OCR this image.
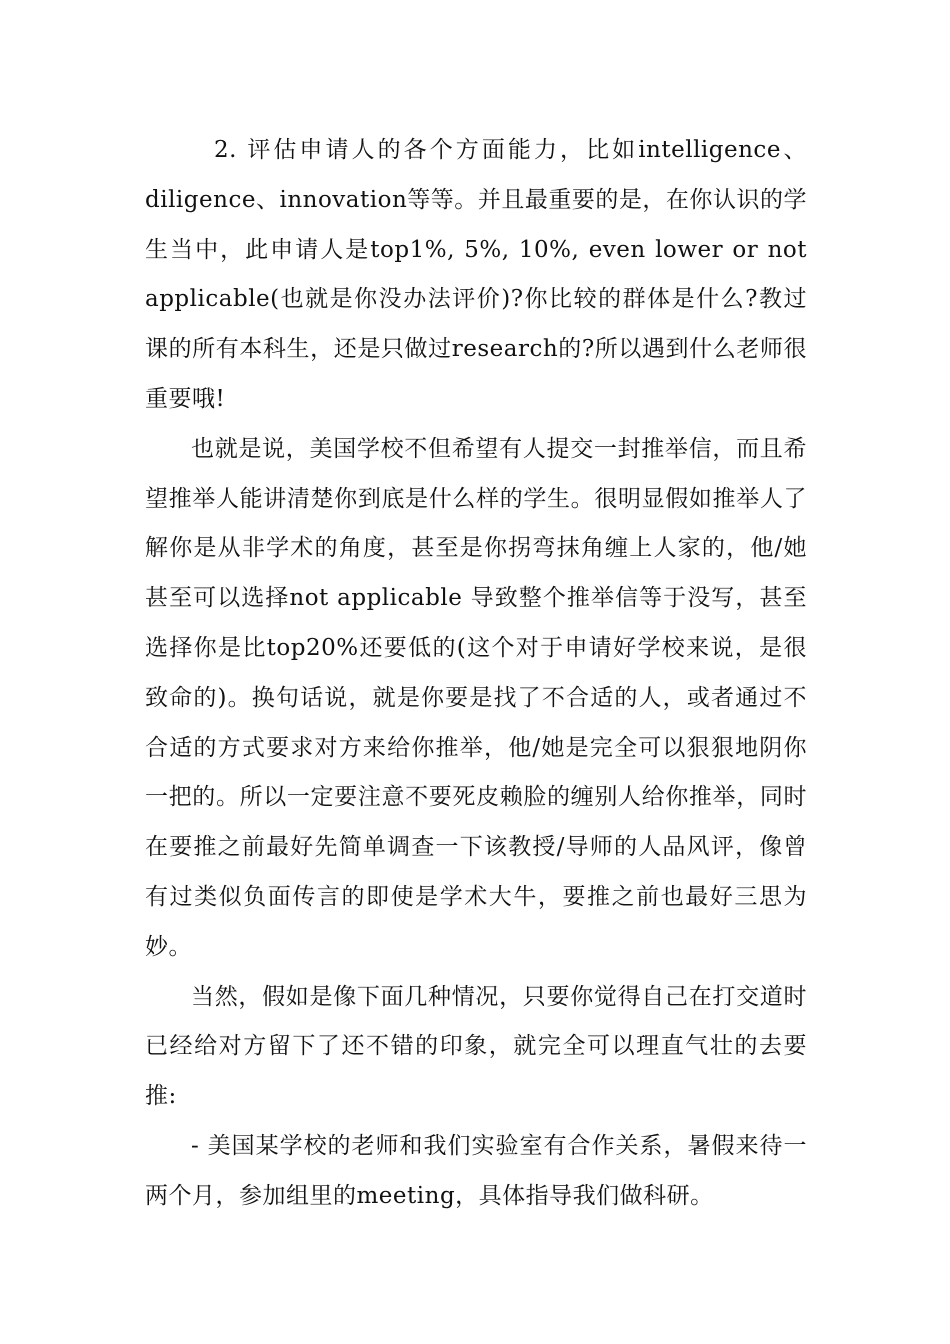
2. 评估申请人的各个方面能力，比如intelligence、diligence、innovation等等。并且最重要的是，在你认识的学生当中，此申请人是top1%, 5%, 10%, even lower or not applicable(也就是你没办法评价)?你比较的群体是什么?教过课的所有本科生，还是只做过research的?所以遇到什么老师很重要哦!

也就是说，美国学校不但希望有人提交一封推举信，而且希望推举人能讲清楚你到底是什么样的学生。很明显假如推举人了解你是从非学术的角度，甚至是你拐弯抹角缠上人家的，他/她甚至可以选择not applicable 导致整个推举信等于没写，甚至选择你是比top20%还要低的(这个对于申请好学校来说，是很致命的)。换句话说，就是你要是找了不合适的人，或者通过不合适的方式要求对方来给你推举，他/她是完全可以狠狠地阴你一把的。所以一定要注意不要死皮赖脸的缠别人给你推举，同时在要推之前最好先简单调查一下该教授/导师的人品风评，像曾有过类似负面传言的即使是学术大牛，要推之前也最好三思为妙。

当然，假如是像下面几种情况，只要你觉得自己在打交道时已经给对方留下了还不错的印象，就完全可以理直气壮的去要推:

- 美国某学校的老师和我们实验室有合作关系，暑假来待一两个月，参加组里的meeting，具体指导我们做科研。
